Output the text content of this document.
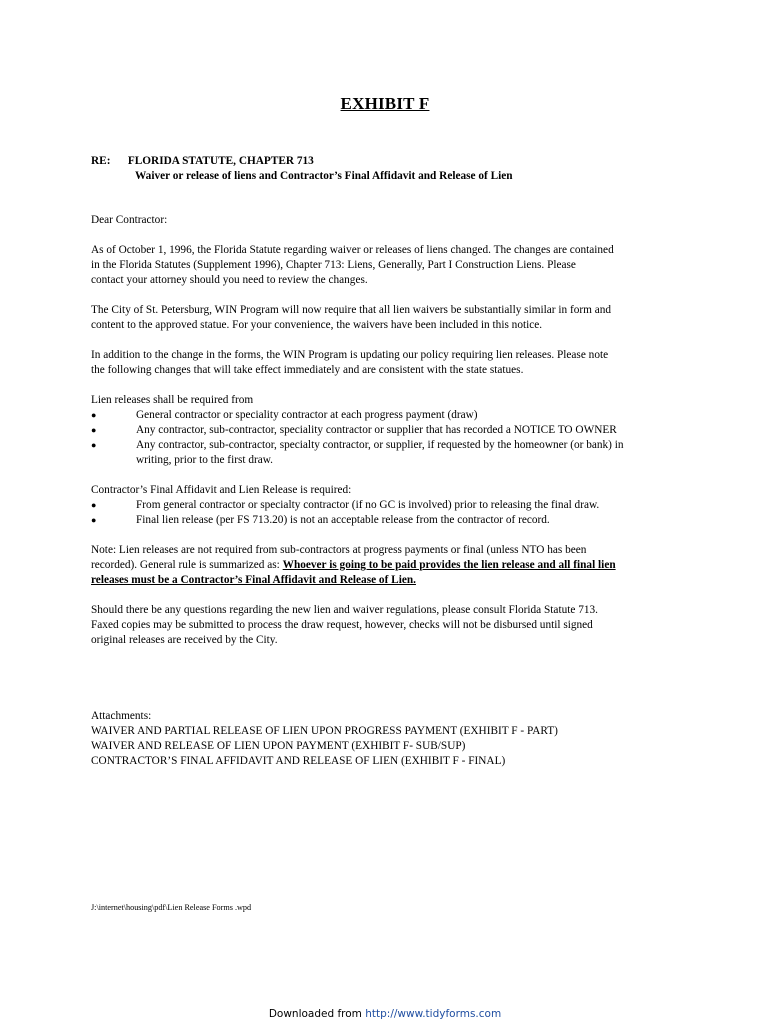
EXHIBIT F
RE: FLORIDA STATUTE, CHAPTER 713
Waiver or release of liens and Contractor’s Final Affidavit and Release of Lien
Dear Contractor:
As of October 1, 1996, the Florida Statute regarding waiver or releases of liens changed. The changes are contained
in the Florida Statutes (Supplement 1996), Chapter 713: Liens, Generally, Part I Construction Liens. Please
contact your attorney should you need to review the changes.
The City of St. Petersburg, WIN Program will now require that all lien waivers be substantially similar in form and
content to the approved statue. For your convenience, the waivers have been included in this notice.
In addition to the change in the forms, the WIN Program is updating our policy requiring lien releases. Please note
the following changes that will take effect immediately and are consistent with the state statues.
Lien releases shall be required from
●	General contractor or speciality contractor at each progress payment (draw)
●	Any contractor, sub-contractor, speciality contractor or supplier that has recorded a NOTICE TO OWNER
●	Any contractor, sub-contractor, specialty contractor, or supplier, if requested by the homeowner (or bank) in
writing, prior to the first draw.
Contractor’s Final Affidavit and Lien Release is required:
●	From general contractor or specialty contractor (if no GC is involved) prior to releasing the final draw.
●	Final lien release (per FS 713.20) is not an acceptable release from the contractor of record.
Note: Lien releases are not required from sub-contractors at progress payments or final (unless NTO has been
recorded). General rule is summarized as: Whoever is going to be paid provides the lien release and all final lien
releases must be a Contractor’s Final Affidavit and Release of Lien.
Should there be any questions regarding the new lien and waiver regulations, please consult Florida Statute 713.
Faxed copies may be submitted to process the draw request, however, checks will not be disbursed until signed
original releases are received by the City.
Attachments:
WAIVER AND PARTIAL RELEASE OF LIEN UPON PROGRESS PAYMENT (EXHIBIT F - PART)
WAIVER AND RELEASE OF LIEN UPON PAYMENT (EXHIBIT F- SUB/SUP)
CONTRACTOR’S FINAL AFFIDAVIT AND RELEASE OF LIEN (EXHIBIT F - FINAL)
J:\internet\housing\pdf\Lien Release Forms .wpd
Downloaded from http://www.tidyforms.com
